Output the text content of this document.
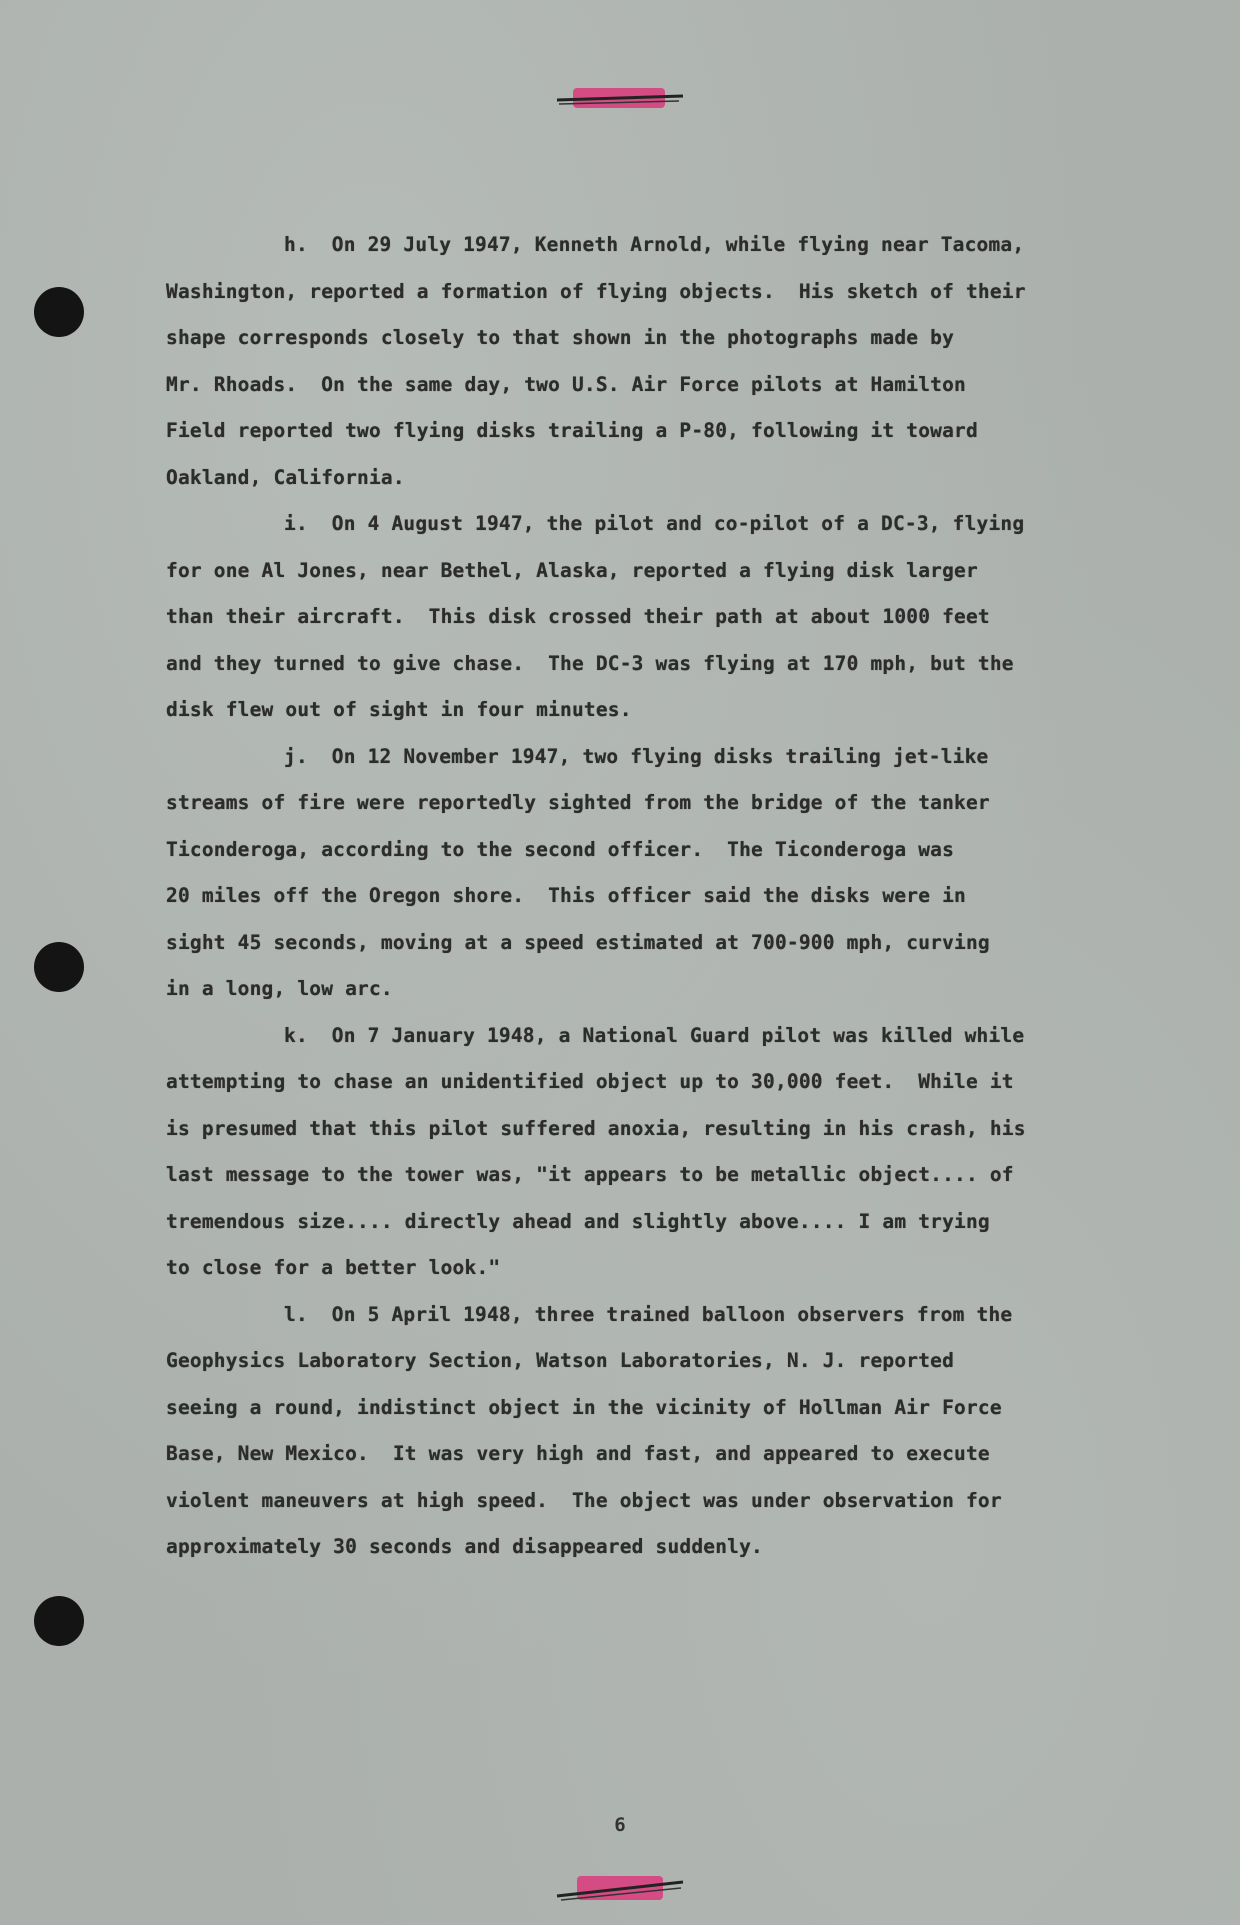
h.  On 29 July 1947, Kenneth Arnold, while flying near Tacoma,
Washington, reported a formation of flying objects.  His sketch of their
shape corresponds closely to that shown in the photographs made by
Mr. Rhoads.  On the same day, two U.S. Air Force pilots at Hamilton
Field reported two flying disks trailing a P-80, following it toward
Oakland, California.
i.  On 4 August 1947, the pilot and co-pilot of a DC-3, flying
for one Al Jones, near Bethel, Alaska, reported a flying disk larger
than their aircraft.  This disk crossed their path at about 1000 feet
and they turned to give chase.  The DC-3 was flying at 170 mph, but the
disk flew out of sight in four minutes.
j.  On 12 November 1947, two flying disks trailing jet-like
streams of fire were reportedly sighted from the bridge of the tanker
Ticonderoga, according to the second officer.  The Ticonderoga was
20 miles off the Oregon shore.  This officer said the disks were in
sight 45 seconds, moving at a speed estimated at 700-900 mph, curving
in a long, low arc.
k.  On 7 January 1948, a National Guard pilot was killed while
attempting to chase an unidentified object up to 30,000 feet.  While it
is presumed that this pilot suffered anoxia, resulting in his crash, his
last message to the tower was, "it appears to be metallic object.... of
tremendous size.... directly ahead and slightly above.... I am trying
to close for a better look."
l.  On 5 April 1948, three trained balloon observers from the
Geophysics Laboratory Section, Watson Laboratories, N. J. reported
seeing a round, indistinct object in the vicinity of Hollman Air Force
Base, New Mexico.  It was very high and fast, and appeared to execute
violent maneuvers at high speed.  The object was under observation for
approximately 30 seconds and disappeared suddenly.
6
